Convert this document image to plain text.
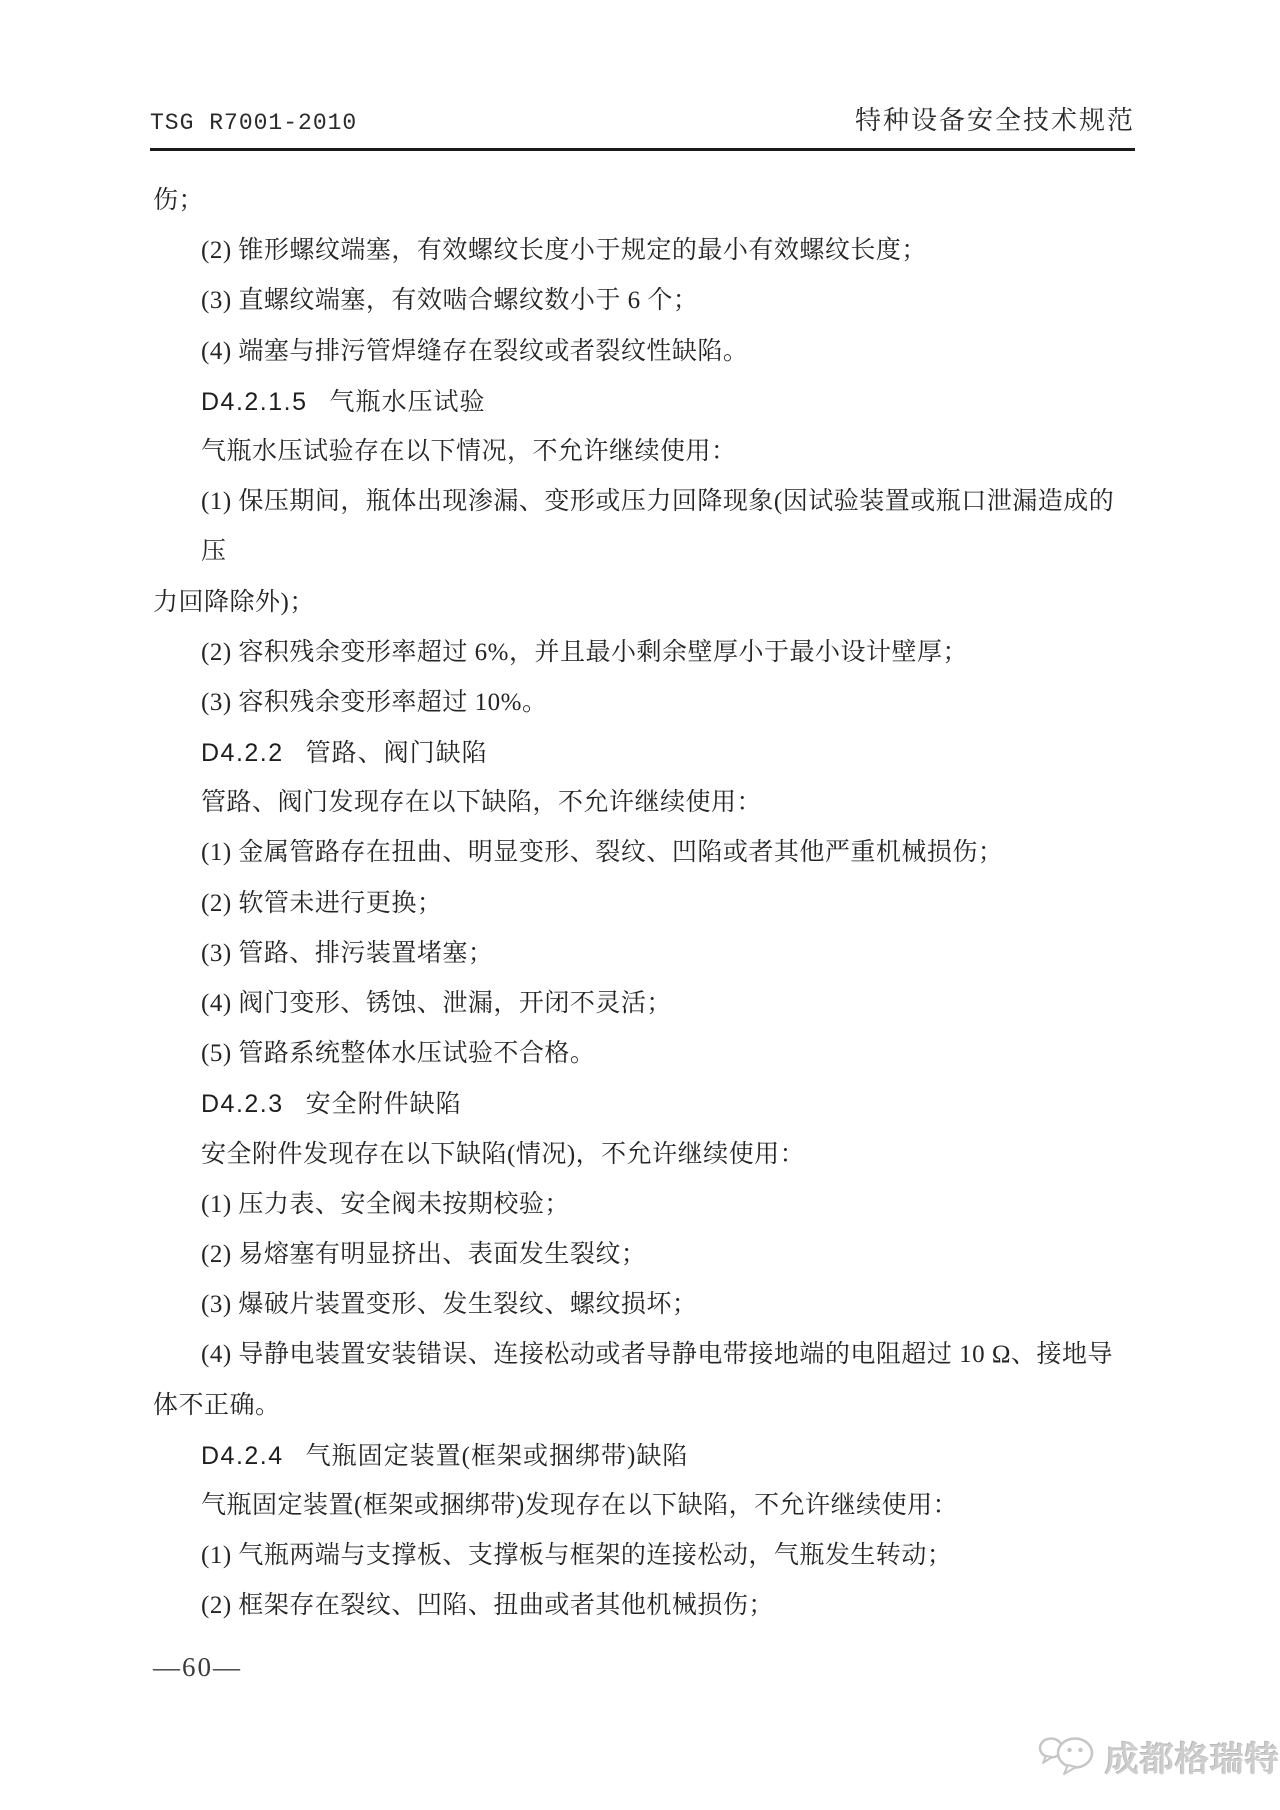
TSG R7001-2010	特种设备安全技术规范
伤；
(2) 锥形螺纹端塞，有效螺纹长度小于规定的最小有效螺纹长度；
(3) 直螺纹端塞，有效啮合螺纹数小于 6 个；
(4) 端塞与排污管焊缝存在裂纹或者裂纹性缺陷。
D4.2.1.5 气瓶水压试验
气瓶水压试验存在以下情况，不允许继续使用：
(1) 保压期间，瓶体出现渗漏、变形或压力回降现象(因试验装置或瓶口泄漏造成的
压
力回降除外)；
(2) 容积残余变形率超过 6%，并且最小剩余壁厚小于最小设计壁厚；
(3) 容积残余变形率超过 10%。
D4.2.2 管路、阀门缺陷
管路、阀门发现存在以下缺陷，不允许继续使用：
(1) 金属管路存在扭曲、明显变形、裂纹、凹陷或者其他严重机械损伤；
(2) 软管未进行更换；
(3) 管路、排污装置堵塞；
(4) 阀门变形、锈蚀、泄漏，开闭不灵活；
(5) 管路系统整体水压试验不合格。
D4.2.3 安全附件缺陷
安全附件发现存在以下缺陷(情况)，不允许继续使用：
(1) 压力表、安全阀未按期校验；
(2) 易熔塞有明显挤出、表面发生裂纹；
(3) 爆破片装置变形、发生裂纹、螺纹损坏；
(4) 导静电装置安装错误、连接松动或者导静电带接地端的电阻超过 10 Ω、接地导
体不正确。
D4.2.4 气瓶固定装置(框架或捆绑带)缺陷
气瓶固定装置(框架或捆绑带)发现存在以下缺陷，不允许继续使用：
(1) 气瓶两端与支撑板、支撑板与框架的连接松动，气瓶发生转动；
(2) 框架存在裂纹、凹陷、扭曲或者其他机械损伤；
—60—
成都格瑞特
